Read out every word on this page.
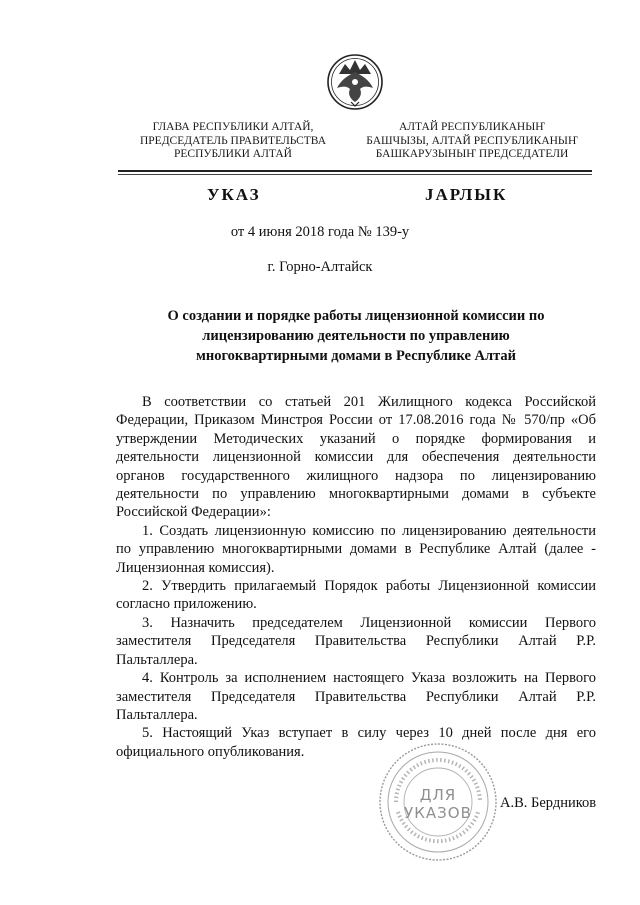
ГЛАВА РЕСПУБЛИКИ АЛТАЙ,
ПРЕДСЕДАТЕЛЬ ПРАВИТЕЛЬСТВА
РЕСПУБЛИКИ АЛТАЙ
АЛТАЙ РЕСПУБЛИКАНЫҤ
БАШЧЫЗЫ, АЛТАЙ РЕСПУБЛИКАНЫҤ
БАШКАРУЗЫНЫҤ ПРЕДСЕДАТЕЛИ
УКАЗ	ЈАРЛЫК
от 4 июня 2018 года № 139-у
г. Горно-Алтайск
О создании и порядке работы лицензионной комиссии по
лицензированию деятельности по управлению
многоквартирными домами в Республике Алтай

В соответствии со статьей 201 Жилищного кодекса Российской Федерации, Приказом Минстроя России от 17.08.2016 года № 570/пр «Об утверждении Методических указаний о порядке формирования и деятельности лицензионной комиссии для обеспечения деятельности органов государственного жилищного надзора по лицензированию деятельности по управлению многоквартирными домами в субъекте Российской Федерации»:

1. Создать лицензионную комиссию по лицензированию деятельности по управлению многоквартирными домами в Республике Алтай (далее - Лицензионная комиссия).

2. Утвердить прилагаемый Порядок работы Лицензионной комиссии согласно приложению.

3. Назначить председателем Лицензионной комиссии Первого заместителя Председателя Правительства Республики Алтай Р.Р. Пальталлера.

4. Контроль за исполнением настоящего Указа возложить на Первого заместителя Председателя Правительства Республики Алтай Р.Р. Пальталлера.

5. Настоящий Указ вступает в силу через 10 дней после дня его официального опубликования.

ДЛЯ
УКАЗОВ
А.В. Бердников
